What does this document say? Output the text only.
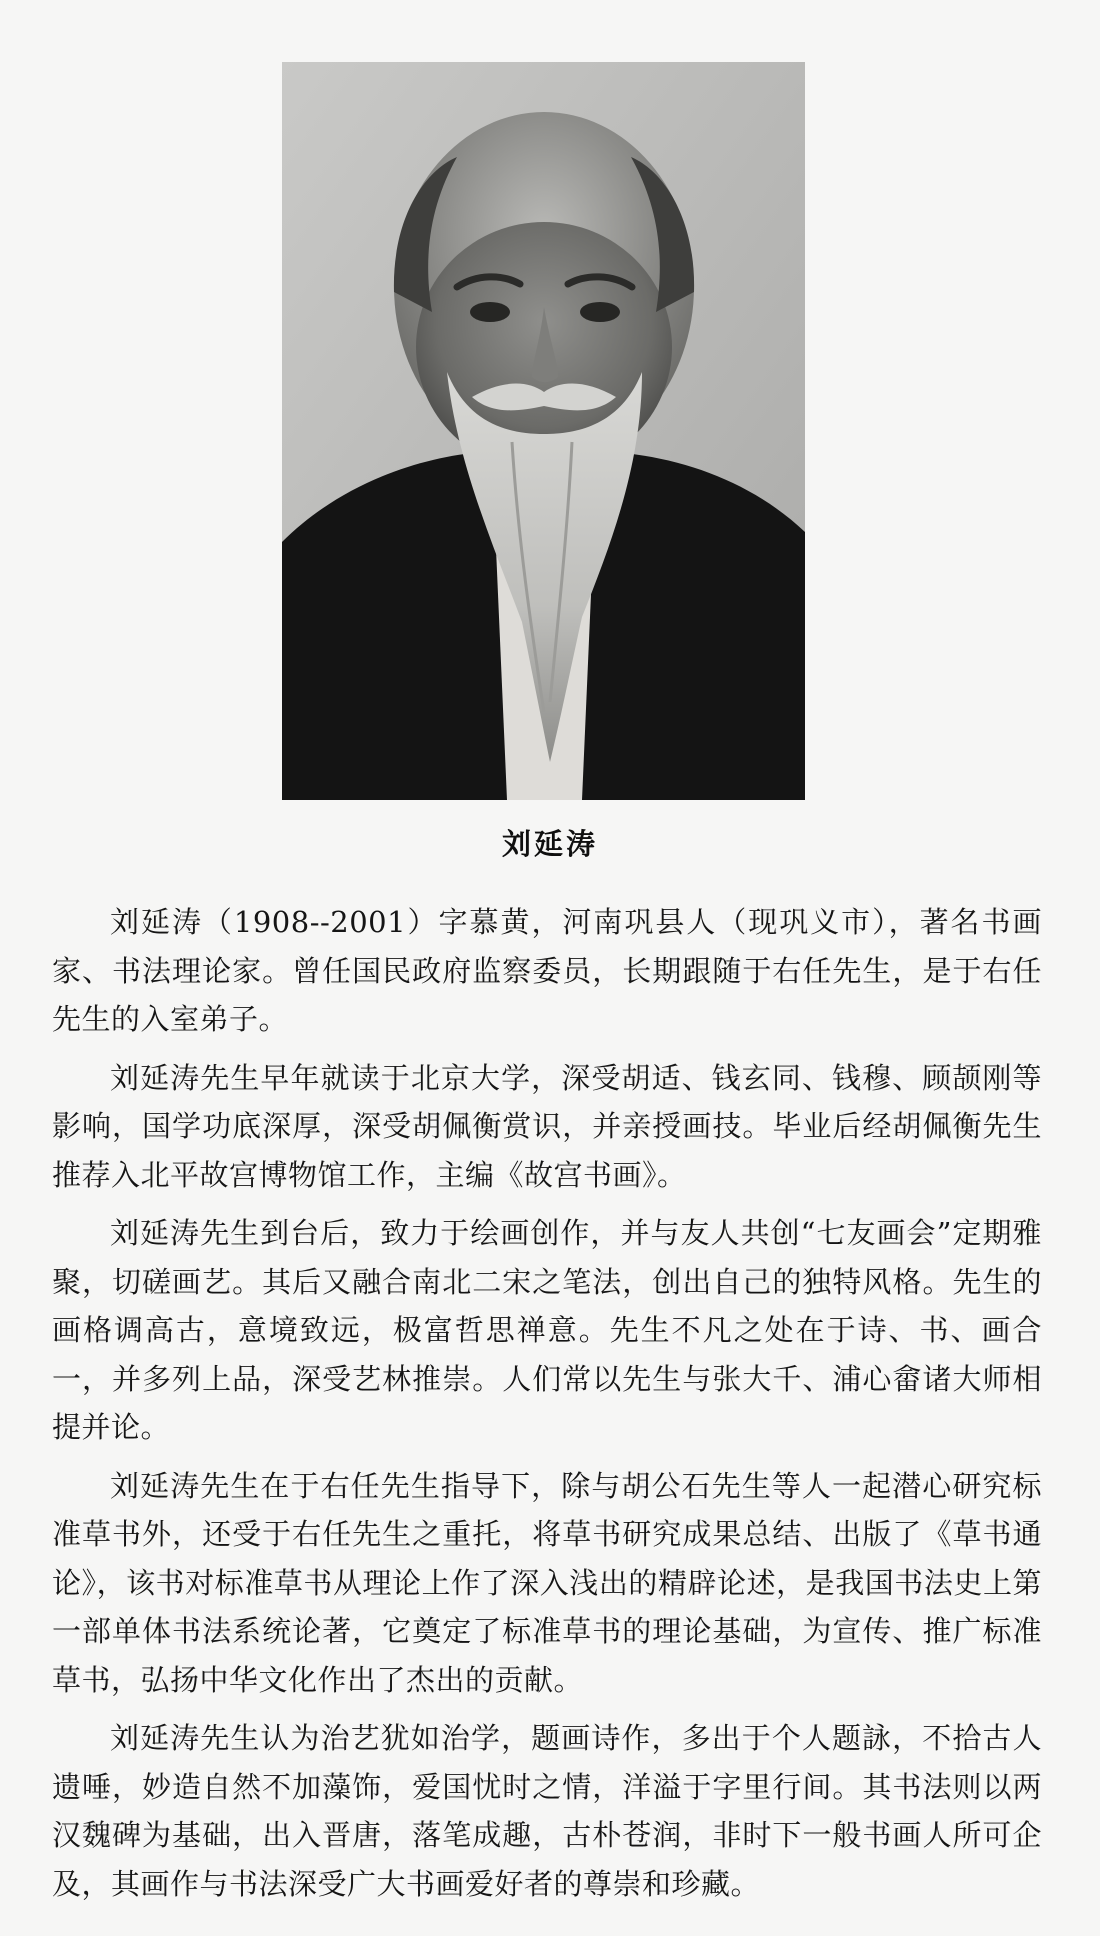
刘延涛

刘延涛（1908--2001）字慕黄，河南巩县人（现巩义市），著名书画家、书法理论家。曾任国民政府监察委员，长期跟随于右任先生，是于右任先生的入室弟子。

刘延涛先生早年就读于北京大学，深受胡适、钱玄同、钱穆、顾颉刚等影响，国学功底深厚，深受胡佩衡赏识，并亲授画技。毕业后经胡佩衡先生推荐入北平故宫博物馆工作，主编《故宫书画》。

刘延涛先生到台后，致力于绘画创作，并与友人共创“七友画会”定期雅聚，切磋画艺。其后又融合南北二宋之笔法，创出自己的独特风格。先生的画格调高古，意境致远，极富哲思禅意。先生不凡之处在于诗、书、画合一，并多列上品，深受艺林推崇。人们常以先生与张大千、浦心畲诸大师相提并论。

刘延涛先生在于右任先生指导下，除与胡公石先生等人一起潜心研究标准草书外，还受于右任先生之重托，将草书研究成果总结、出版了《草书通论》，该书对标准草书从理论上作了深入浅出的精辟论述，是我国书法史上第一部单体书法系统论著，它奠定了标准草书的理论基础，为宣传、推广标准草书，弘扬中华文化作出了杰出的贡献。

刘延涛先生认为治艺犹如治学，题画诗作，多出于个人题詠，不拾古人遗唾，妙造自然不加藻饰，爱国忧时之情，洋溢于字里行间。其书法则以两汉魏碑为基础，出入晋唐，落笔成趣，古朴苍润，非时下一般书画人所可企及，其画作与书法深受广大书画爱好者的尊崇和珍藏。
